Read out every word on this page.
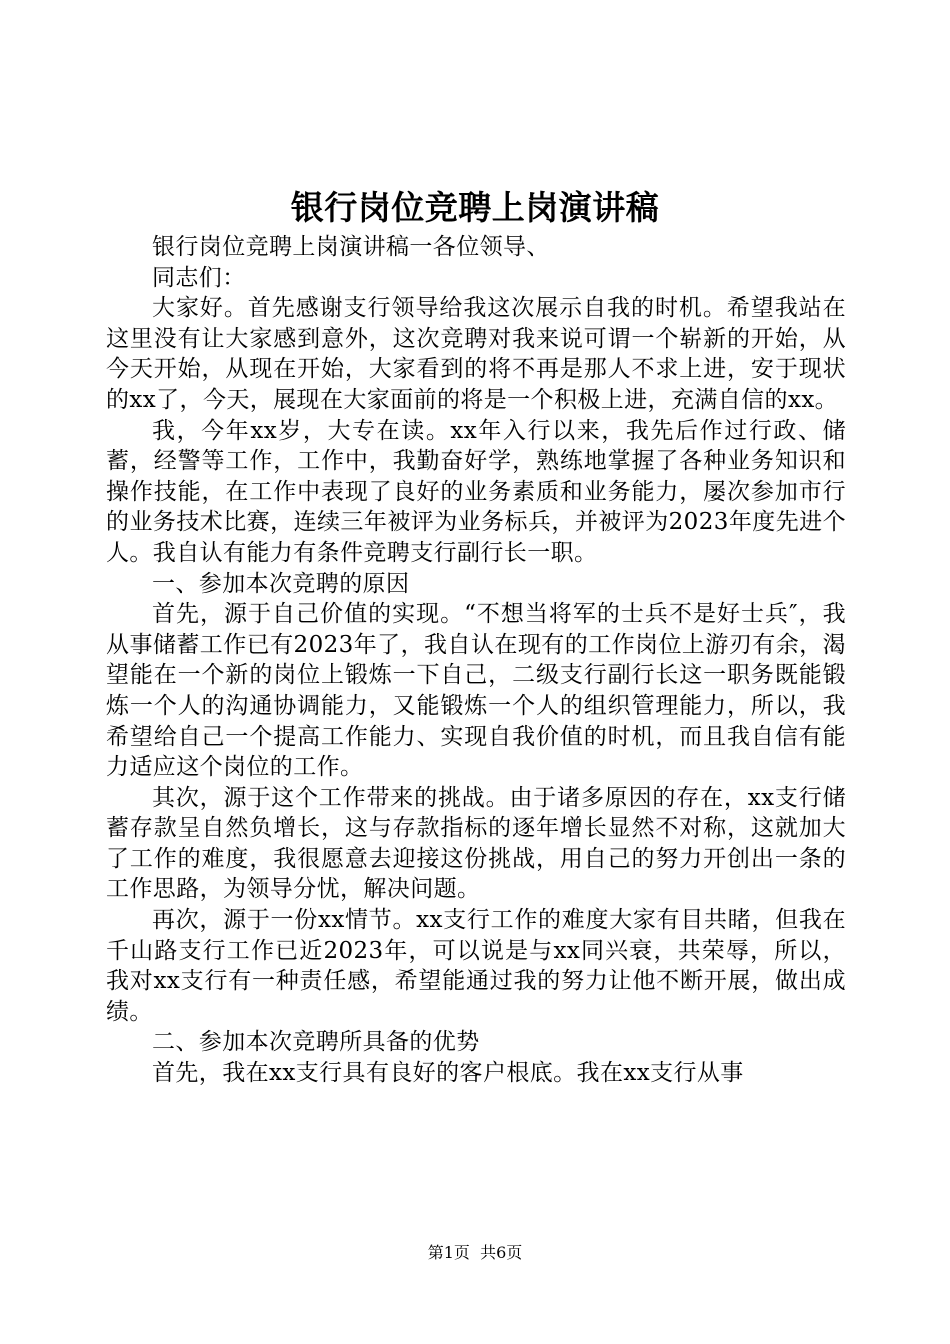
银行岗位竞聘上岗演讲稿

银行岗位竞聘上岗演讲稿一各位领导、

同志们：

大家好。首先感谢支行领导给我这次展示自我的时机。希望我站在这里没有让大家感到意外，这次竞聘对我来说可谓一个崭新的开始，从今天开始，从现在开始，大家看到的将不再是那人不求上进，安于现状的xx了，今天，展现在大家面前的将是一个积极上进，充满自信的xx。

我，今年xx岁，大专在读。xx年入行以来，我先后作过行政、储蓄，经警等工作，工作中，我勤奋好学，熟练地掌握了各种业务知识和操作技能，在工作中表现了良好的业务素质和业务能力，屡次参加市行的业务技术比赛，连续三年被评为业务标兵，并被评为2023年度先进个人。我自认有能力有条件竞聘支行副行长一职。

一、参加本次竞聘的原因

首先，源于自己价值的实现。“不想当将军的士兵不是好士兵″，我从事储蓄工作已有2023年了，我自认在现有的工作岗位上游刃有余，渴望能在一个新的岗位上锻炼一下自己，二级支行副行长这一职务既能锻炼一个人的沟通协调能力，又能锻炼一个人的组织管理能力，所以，我希望给自己一个提高工作能力、实现自我价值的时机，而且我自信有能力适应这个岗位的工作。

其次，源于这个工作带来的挑战。由于诸多原因的存在，xx支行储蓄存款呈自然负增长，这与存款指标的逐年增长显然不对称，这就加大了工作的难度，我很愿意去迎接这份挑战，用自己的努力开创出一条的工作思路，为领导分忧，解决问题。

再次，源于一份xx情节。xx支行工作的难度大家有目共睹，但我在千山路支行工作已近2023年，可以说是与xx同兴衰，共荣辱，所以，我对xx支行有一种责任感，希望能通过我的努力让他不断开展，做出成绩。

二、参加本次竞聘所具备的优势

首先，我在xx支行具有良好的客户根底。我在xx支行从事

第1页 共6页
